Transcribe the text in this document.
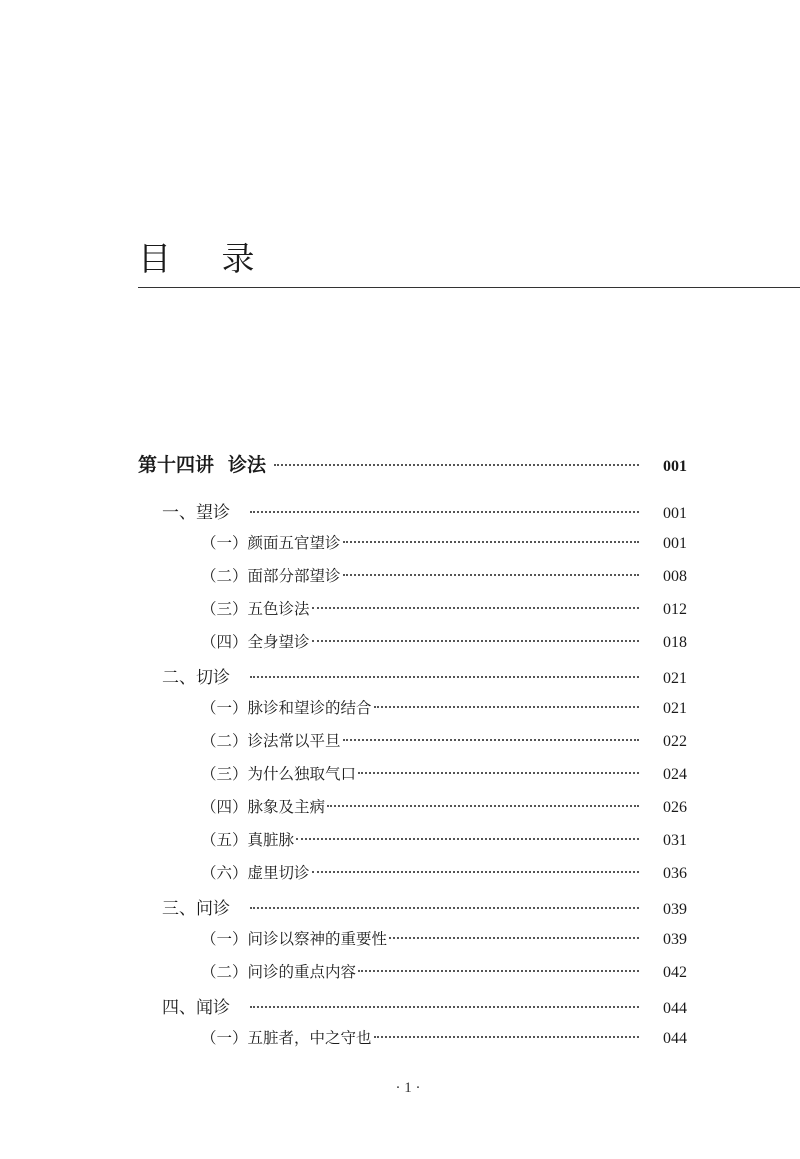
目 录
第十四讲 诊法	001
一、望诊	001
（一）颜面五官望诊	001
（二）面部分部望诊	008
（三）五色诊法	012
（四）全身望诊	018
二、切诊	021
（一）脉诊和望诊的结合	021
（二）诊法常以平旦	022
（三）为什么独取气口	024
（四）脉象及主病	026
（五）真脏脉	031
（六）虚里切诊	036
三、问诊	039
（一）问诊以察神的重要性	039
（二）问诊的重点内容	042
四、闻诊	044
（一）五脏者，中之守也	044
· 1 ·
